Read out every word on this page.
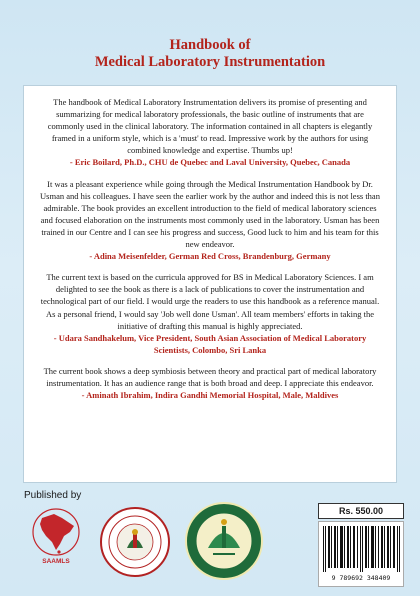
Handbook of
Medical Laboratory Instrumentation

The handbook of Medical Laboratory Instrumentation delivers its promise of presenting and summarizing for medical laboratory professionals, the basic outline of instruments that are commonly used in the clinical laboratory. The information contained in all chapters is elegantly framed in a uniform style, which is a 'must' to read. Impressive work by the authors for using combined knowledge and expertise. Thumbs up!

- Eric Boilard, Ph.D., CHU de Quebec and Laval University, Quebec, Canada

It was a pleasant experience while going through the Medical Instrumentation Handbook by Dr. Usman and his colleagues. I have seen the earlier work by the author and indeed this is not less than admirable. The book provides an excellent introduction to the field of medical laboratory sciences and focused elaboration on the instruments most commonly used in the laboratory. Usman has been trained in our Centre and I can see his progress and success, Good luck to him and his team for this new endeavor.

- Adina Meisenfelder, German Red Cross, Brandenburg, Germany

The current text is based on the curricula approved for BS in Medical Laboratory Sciences. I am delighted to see the book as there is a lack of publications to cover the instrumentation and technological part of our field. I would urge the readers to use this handbook as a reference manual. As a personal friend, I would say 'Job well done Usman'. All team members' efforts in taking the initiative of drafting this manual is highly appreciated.

- Udara Sandhakelum, Vice President, South Asian Association of Medical Laboratory Scientists, Colombo, Sri Lanka

The current book shows a deep symbiosis between theory and practical part of medical laboratory instrumentation. It has an audience range that is both broad and deep. I appreciate this endeavor.

- Aminath Ibrahim, Indira Gandhi Memorial Hospital, Male, Maldives
Published by
SAAMLS
Rs. 550.00
9 789692 348409
